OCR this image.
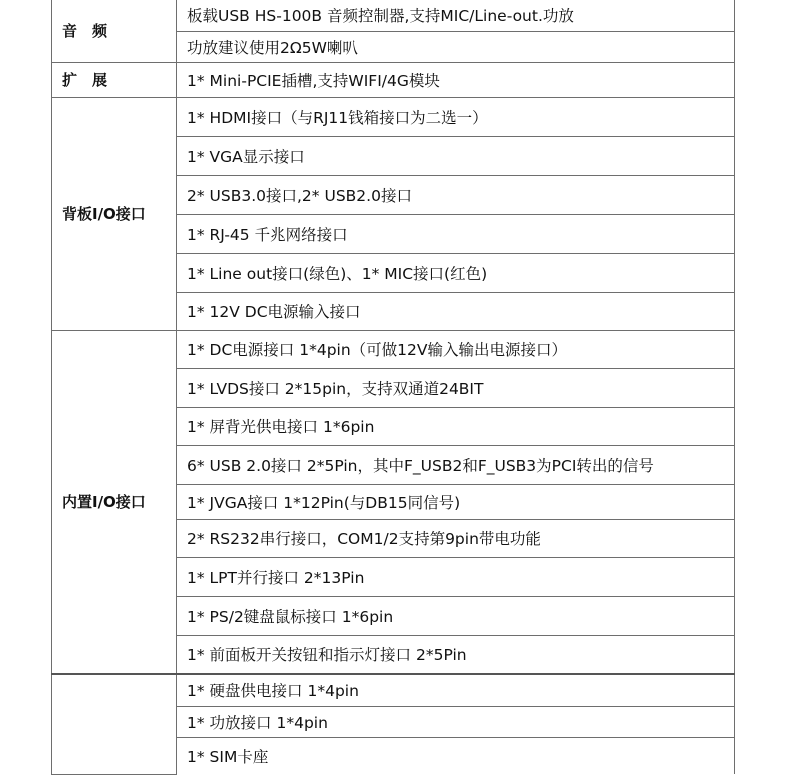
音　频	板载USB HS-100B 音频控制器,支持MIC/Line-out.功放
	功放建议使用2Ω5W喇叭
扩　展	1* Mini-PCIE插槽,支持WIFI/4G模块
背板I/O接口	1* HDMI接口（与RJ11钱箱接口为二选一）
	1* VGA显示接口
	2* USB3.0接口,2* USB2.0接口
	1* RJ-45 千兆网络接口
	1* Line out接口(绿色)、1* MIC接口(红色)
	1* 12V DC电源输入接口
内置I/O接口	1* DC电源接口 1*4pin（可做12V输入输出电源接口）
	1* LVDS接口 2*15pin，支持双通道24BIT
	1* 屏背光供电接口 1*6pin
	6* USB 2.0接口 2*5Pin，其中F_USB2和F_USB3为PCI转出的信号
	1* JVGA接口 1*12Pin(与DB15同信号)
	2* RS232串行接口，COM1/2支持第9pin带电功能
	1* LPT并行接口 2*13Pin
	1* PS/2键盘鼠标接口 1*6pin
	1* 前面板开关按钮和指示灯接口 2*5Pin
	1* 硬盘供电接口 1*4pin
	1* 功放接口 1*4pin
	1* SIM卡座
